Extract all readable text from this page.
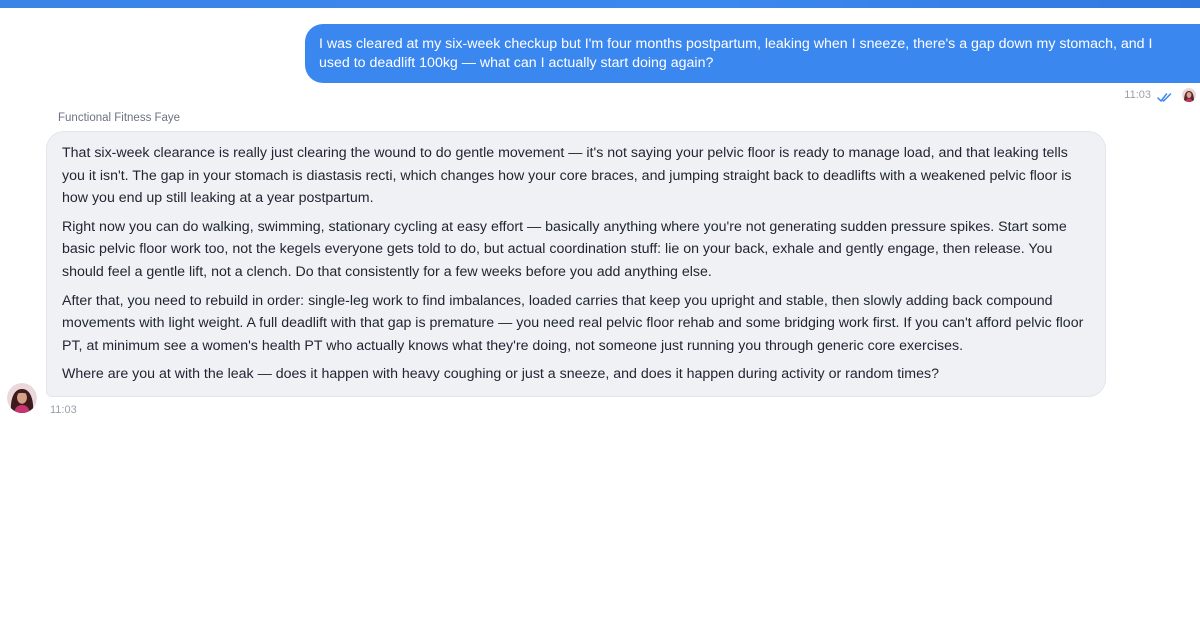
I was cleared at my six-week checkup but I'm four months postpartum, leaking when I sneeze, there's a gap down my stomach, and I used to deadlift 100kg — what can I actually start doing again?
11:03
Functional Fitness Faye

That six-week clearance is really just clearing the wound to do gentle movement — it's not saying your pelvic floor is ready to manage load, and that leaking tells you it isn't. The gap in your stomach is diastasis recti, which changes how your core braces, and jumping straight back to deadlifts with a weakened pelvic floor is how you end up still leaking at a year postpartum.

Right now you can do walking, swimming, stationary cycling at easy effort — basically anything where you're not generating sudden pressure spikes. Start some basic pelvic floor work too, not the kegels everyone gets told to do, but actual coordination stuff: lie on your back, exhale and gently engage, then release. You should feel a gentle lift, not a clench. Do that consistently for a few weeks before you add anything else.

After that, you need to rebuild in order: single-leg work to find imbalances, loaded carries that keep you upright and stable, then slowly adding back compound movements with light weight. A full deadlift with that gap is premature — you need real pelvic floor rehab and some bridging work first. If you can't afford pelvic floor PT, at minimum see a women's health PT who actually knows what they're doing, not someone just running you through generic core exercises.

Where are you at with the leak — does it happen with heavy coughing or just a sneeze, and does it happen during activity or random times?

11:03
